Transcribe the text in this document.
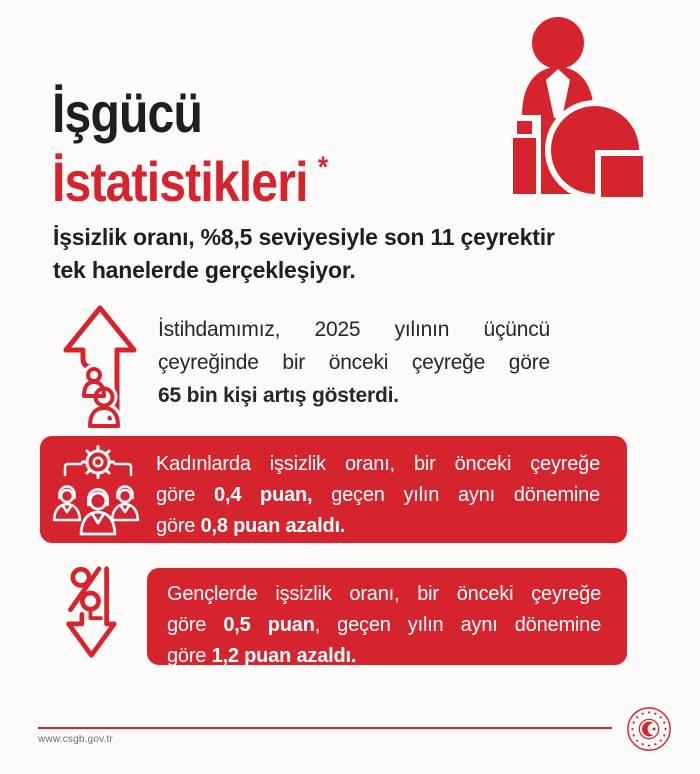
İşgücü
İstatistikleri *
İşsizlik oranı, %8,5 seviyesiyle son 11 çeyrektir
tek hanelerde gerçekleşiyor.
İstihdamımız, 2025 yılının üçüncü
çeyreğinde bir önceki çeyreğe göre
65 bin kişi artış gösterdi.
Kadınlarda işsizlik oranı, bir önceki çeyreğe
göre 0,4 puan, geçen yılın aynı dönemine
göre 0,8 puan azaldı.
Gençlerde işsizlik oranı, bir önceki çeyreğe
göre 0,5 puan, geçen yılın aynı dönemine
göre 1,2 puan azaldı.
www.csgb.gov.tr
